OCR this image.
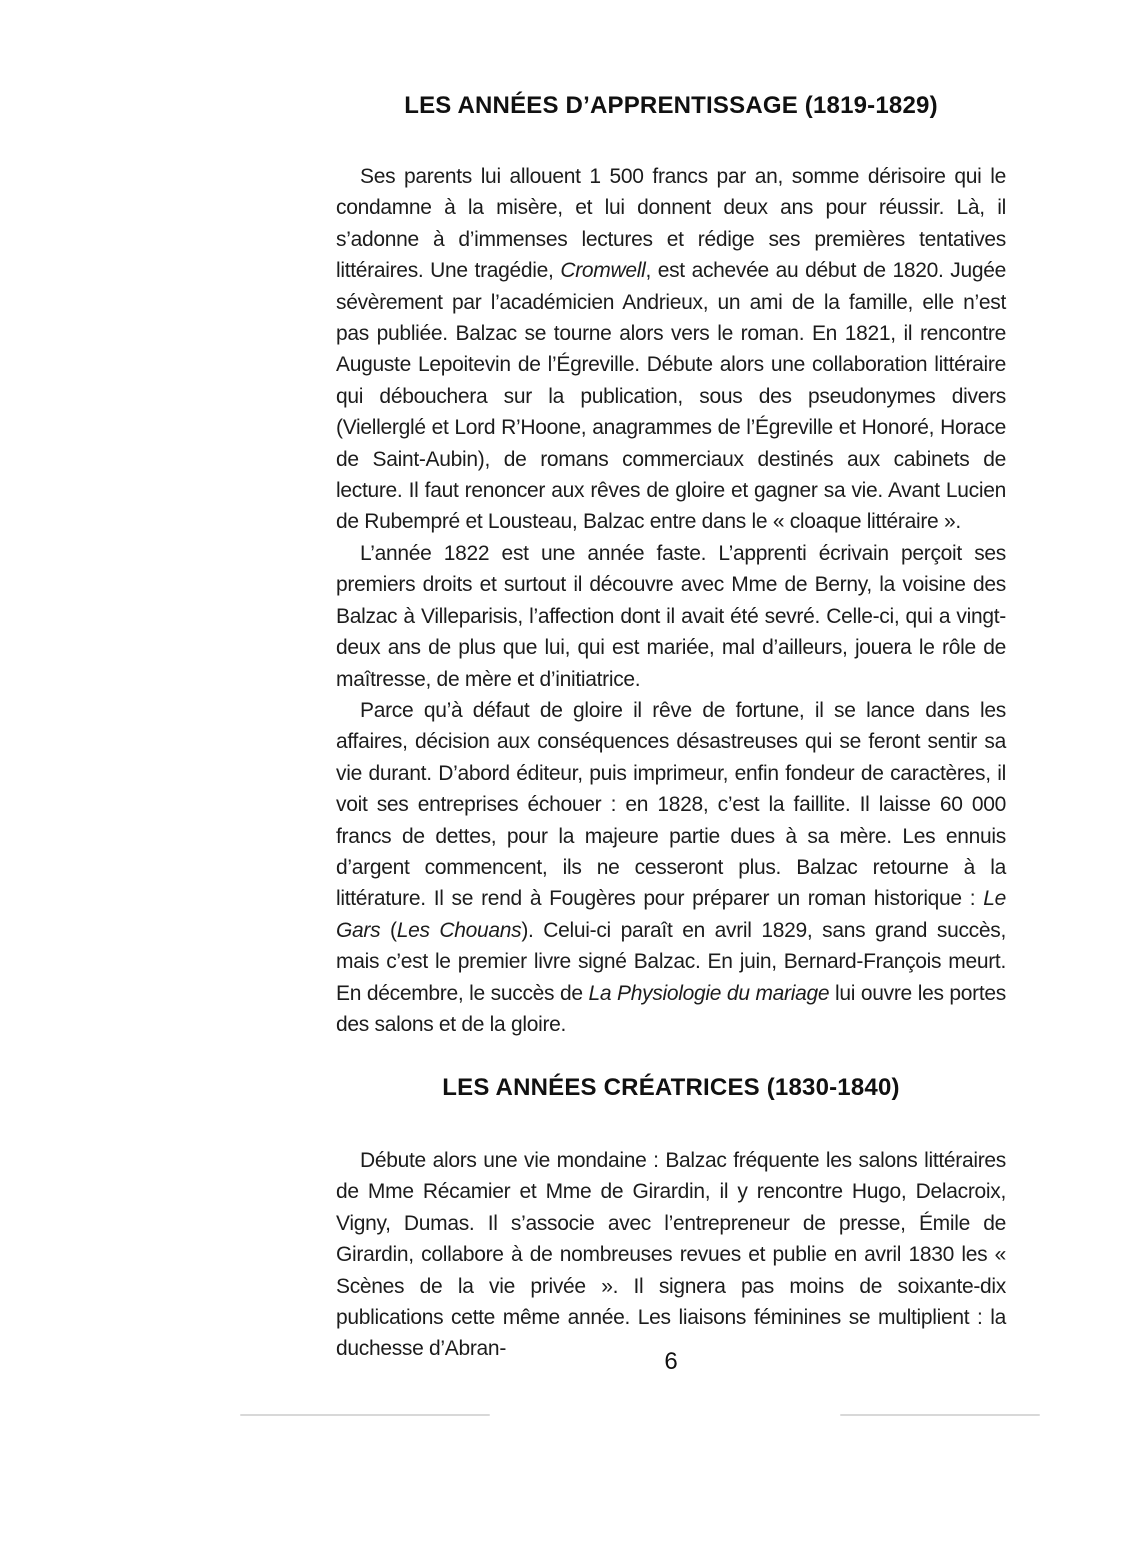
LES ANNÉES D’APPRENTISSAGE (1819-1829)

Ses parents lui allouent 1 500 francs par an, somme dérisoire qui le condamne à la misère, et lui donnent deux ans pour réussir. Là, il s’adonne à d’immenses lectures et rédige ses premières tentatives littéraires. Une tragédie, Cromwell, est achevée au début de 1820. Jugée sévèrement par l’académicien Andrieux, un ami de la famille, elle n’est pas publiée. Balzac se tourne alors vers le roman. En 1821, il rencontre Auguste Lepoitevin de l’Égreville. Débute alors une collaboration littéraire qui débouchera sur la publication, sous des pseudonymes divers (Viellerglé et Lord R’Hoone, anagrammes de l’Égreville et Honoré, Horace de Saint-Aubin), de romans commerciaux destinés aux cabinets de lecture. Il faut renoncer aux rêves de gloire et gagner sa vie. Avant Lucien de Rubempré et Lousteau, Balzac entre dans le « cloaque littéraire ».

L’année 1822 est une année faste. L’apprenti écrivain perçoit ses premiers droits et surtout il découvre avec Mme de Berny, la voisine des Balzac à Villeparisis, l’affection dont il avait été sevré. Celle-ci, qui a vingt-deux ans de plus que lui, qui est mariée, mal d’ailleurs, jouera le rôle de maîtresse, de mère et d’initiatrice.

Parce qu’à défaut de gloire il rêve de fortune, il se lance dans les affaires, décision aux conséquences désastreuses qui se feront sentir sa vie durant. D’abord éditeur, puis imprimeur, enfin fondeur de caractères, il voit ses entreprises échouer : en 1828, c’est la faillite. Il laisse 60 000 francs de dettes, pour la majeure partie dues à sa mère. Les ennuis d’argent commencent, ils ne cesseront plus. Balzac retourne à la littérature. Il se rend à Fougères pour préparer un roman historique : Le Gars (Les Chouans). Celui-ci paraît en avril 1829, sans grand succès, mais c’est le premier livre signé Balzac. En juin, Bernard-François meurt. En décembre, le succès de La Physiologie du mariage lui ouvre les portes des salons et de la gloire.

LES ANNÉES CRÉATRICES (1830-1840)

Débute alors une vie mondaine : Balzac fréquente les salons littéraires de Mme Récamier et Mme de Girardin, il y rencontre Hugo, Delacroix, Vigny, Dumas. Il s’associe avec l’entrepreneur de presse, Émile de Girardin, collabore à de nombreuses revues et publie en avril 1830 les « Scènes de la vie privée ». Il signera pas moins de soixante-dix publications cette même année. Les liaisons féminines se multiplient : la duchesse d’Abran-	6
